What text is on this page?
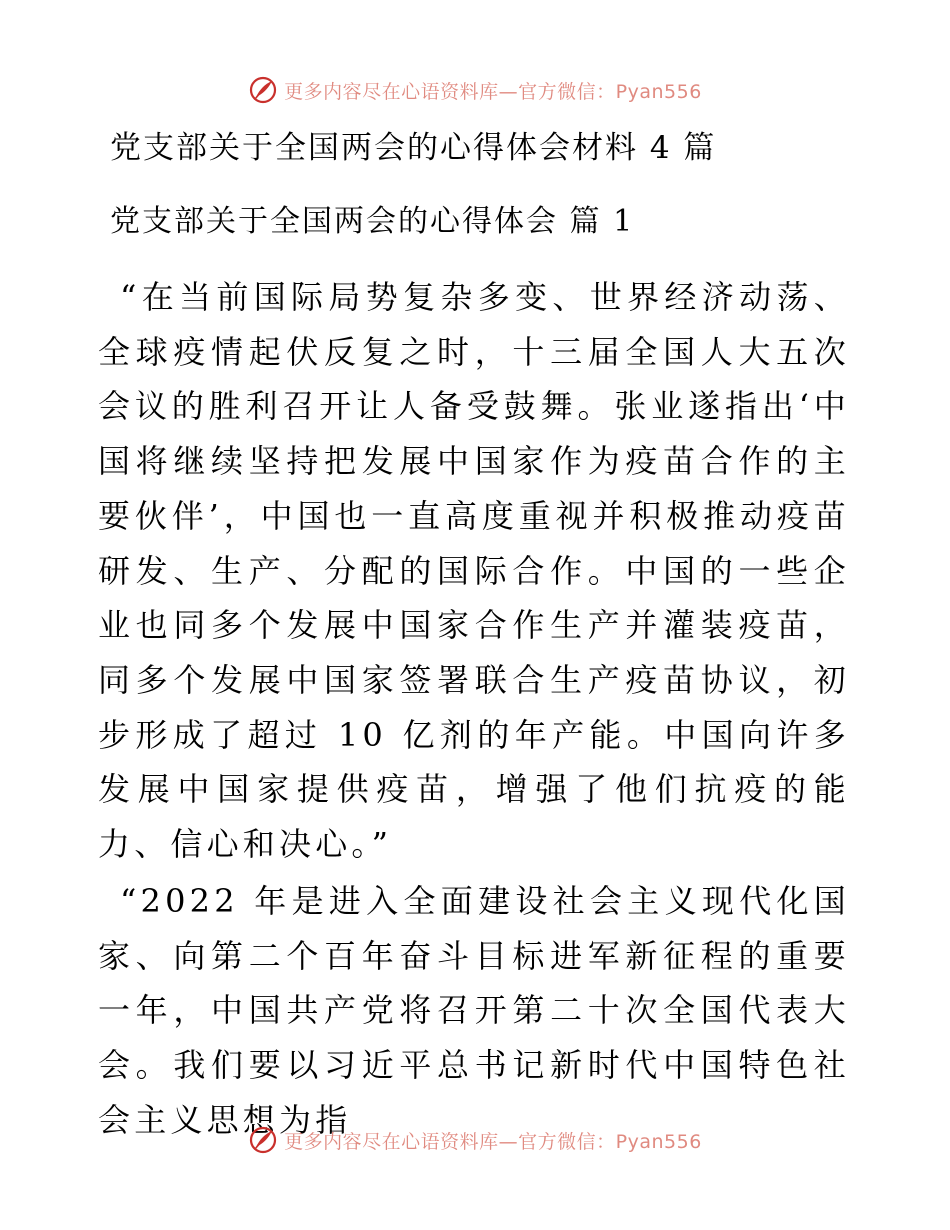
更多内容尽在心语资料库—官方微信：Pyan556
党支部关于全国两会的心得体会材料 4 篇
党支部关于全国两会的心得体会 篇 1

“在当前国际局势复杂多变、世界经济动荡、全球疫情起伏反复之时，十三届全国人大五次会议的胜利召开让人备受鼓舞。张业遂指出‘中国将继续坚持把发展中国家作为疫苗合作的主要伙伴’，中国也一直高度重视并积极推动疫苗研发、生产、分配的国际合作。中国的一些企业也同多个发展中国家合作生产并灌装疫苗，同多个发展中国家签署联合生产疫苗协议，初步形成了超过 10 亿剂的年产能。中国向许多发展中国家提供疫苗，增强了他们抗疫的能力、信心和决心。”

“2022 年是进入全面建设社会主义现代化国家、向第二个百年奋斗目标进军新征程的重要一年，中国共产党将召开第二十次全国代表大会。我们要以习近平总书记新时代中国特色社会主义思想为指

更多内容尽在心语资料库—官方微信：Pyan556
